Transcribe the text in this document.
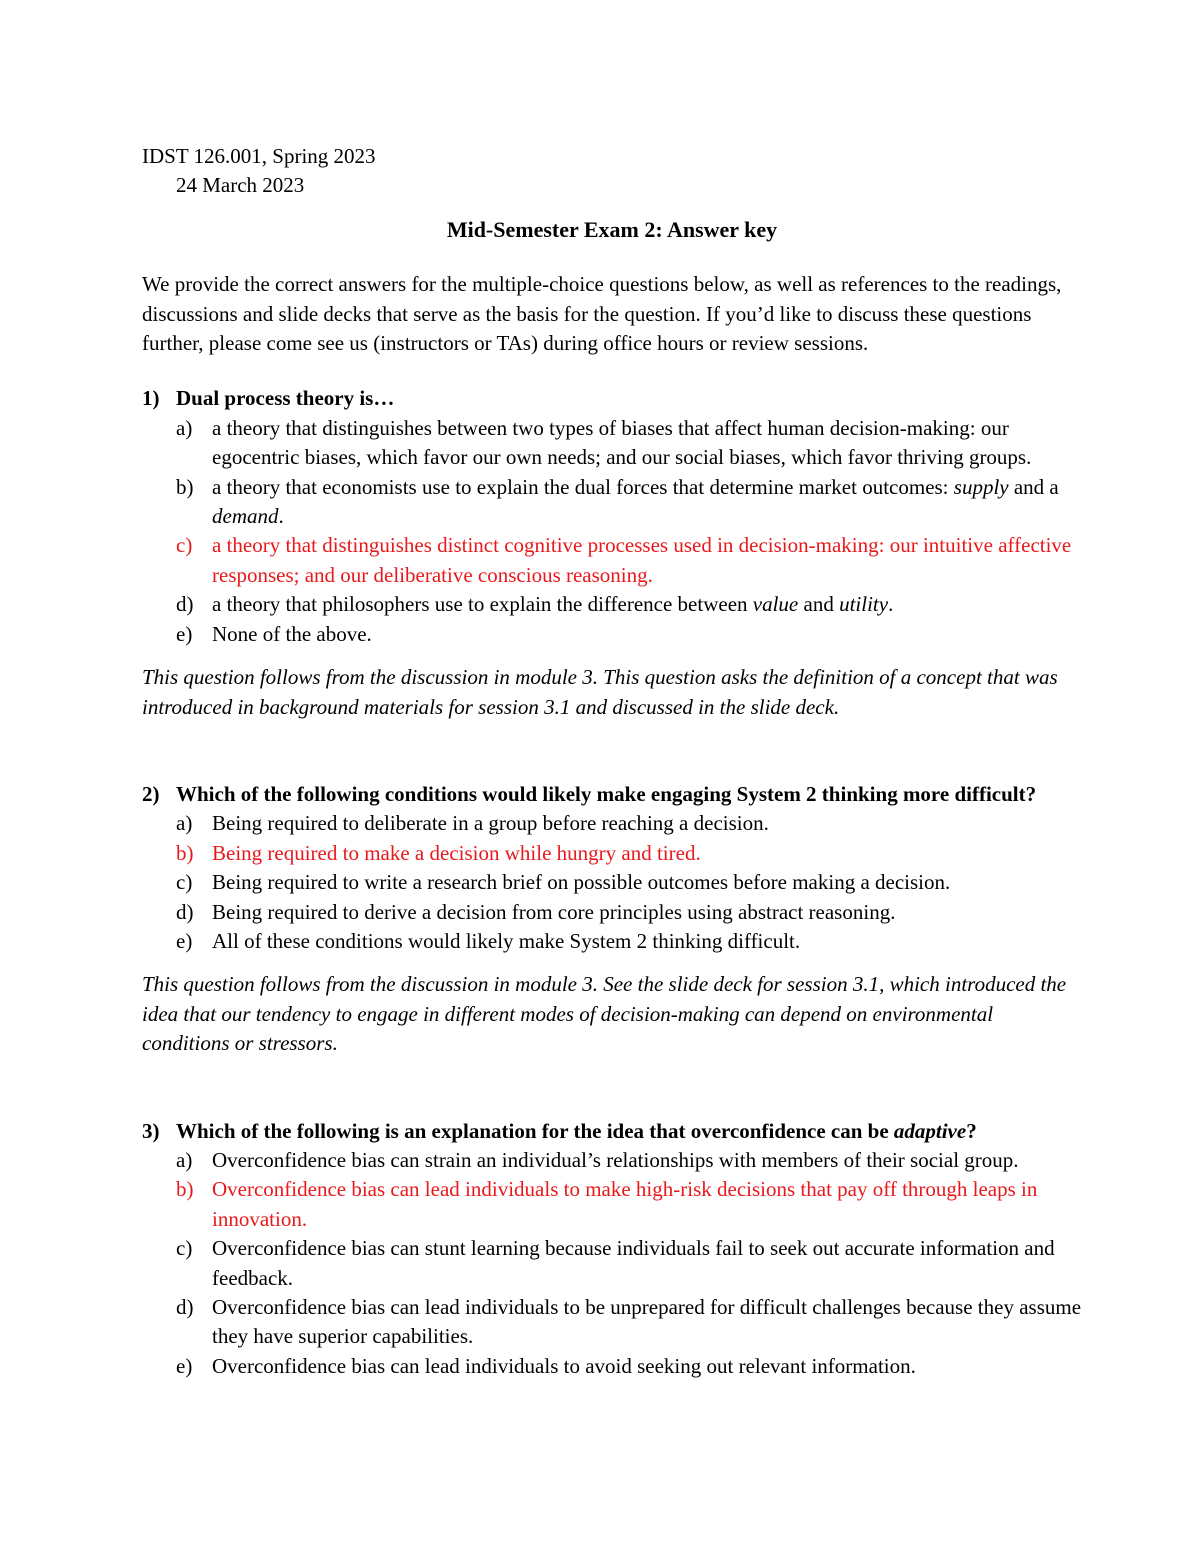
IDST 126.001, Spring 2023

24 March 2023

Mid-Semester Exam 2: Answer key

We provide the correct answers for the multiple-choice questions below, as well as references to the readings, discussions and slide decks that serve as the basis for the question. If you’d like to discuss these questions further, please come see us (instructors or TAs) during office hours or review sessions.

1) Dual process theory is…
a) a theory that distinguishes between two types of biases that affect human decision-making: our egocentric biases, which favor our own needs; and our social biases, which favor thriving groups.
b) a theory that economists use to explain the dual forces that determine market outcomes: supply and a demand.
c) a theory that distinguishes distinct cognitive processes used in decision-making: our intuitive affective responses; and our deliberative conscious reasoning.
d) a theory that philosophers use to explain the difference between value and utility.
e) None of the above.

This question follows from the discussion in module 3. This question asks the definition of a concept that was introduced in background materials for session 3.1 and discussed in the slide deck.

2) Which of the following conditions would likely make engaging System 2 thinking more difficult?
a) Being required to deliberate in a group before reaching a decision.
b) Being required to make a decision while hungry and tired.
c) Being required to write a research brief on possible outcomes before making a decision.
d) Being required to derive a decision from core principles using abstract reasoning.
e) All of these conditions would likely make System 2 thinking difficult.

This question follows from the discussion in module 3. See the slide deck for session 3.1, which introduced the idea that our tendency to engage in different modes of decision-making can depend on environmental conditions or stressors.

3) Which of the following is an explanation for the idea that overconfidence can be adaptive?
a) Overconfidence bias can strain an individual’s relationships with members of their social group.
b) Overconfidence bias can lead individuals to make high-risk decisions that pay off through leaps in innovation.
c) Overconfidence bias can stunt learning because individuals fail to seek out accurate information and feedback.
d) Overconfidence bias can lead individuals to be unprepared for difficult challenges because they assume they have superior capabilities.
e) Overconfidence bias can lead individuals to avoid seeking out relevant information.
